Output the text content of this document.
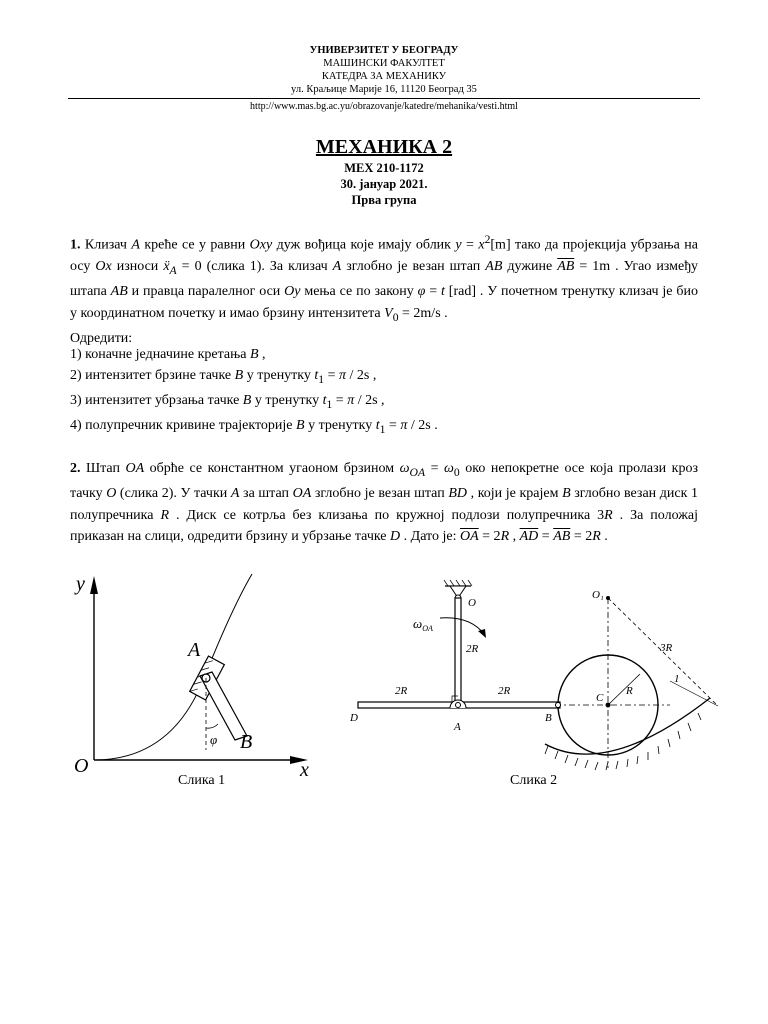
УНИВЕРЗИТЕТ У БЕОГРАДУ
МАШИНСКИ ФАКУЛТЕТ
КАТЕДРА ЗА МЕХАНИКУ
ул. Краљице Марије 16, 11120 Београд 35
http://www.mas.bg.ac.yu/obrazovanje/katedre/mehanika/vesti.html
МЕХАНИКА 2
MEX 210-1172
30. јануар 2021.
Прва група

1. Клизач A креће се у равни Oxy дуж вођица које имају облик $y = x^2[m]$ тако да пројекција убрзања на осу Ox износи ẍ$_A$ = 0 (слика 1). За клизач A зглобно је везан штап AB дужине $\overline{AB} = 1m$ . Угао између штапа AB и правца паралелног оси Oy мења се по закону φ = t [rad] . У почетном тренутку клизач је био у координатном почетку и имао брзину интензитета $V_0 = 2m/s$ .

Одредити:

1) коначне једначине кретања B ,
2) интензитет брзине тачке B у тренутку $t_1 = \pi / 2s$ ,
3) интензитет убрзања тачке B у тренутку $t_1 = \pi / 2s$ ,
4) полупречник кривине трајекторије B у тренутку $t_1 = \pi / 2s$ .

2. Штап OA обрће се константном угаоном брзином $\omega_{OA} = \omega_0$ око непокретне осе која пролази кроз тачку O (слика 2). У тачки A за штап OA зглобно је везан штап BD , који је крајем B зглобно везан диск 1 полупречника R . Диск се котрља без клизања по кружној подлози полупречника 3R . За положај приказан на слици, одредити брзину и убрзање тачке D . Дато је: $\overline{OA} = 2R$ , $\overline{AD} = \overline{AB} = 2R$ .

y
x
O
A
B
φ
Слика 1
O
O₁
$\omega_{OA}$
2R
2R	2R
D
A
B
C
R
3R
1
Слика 2
